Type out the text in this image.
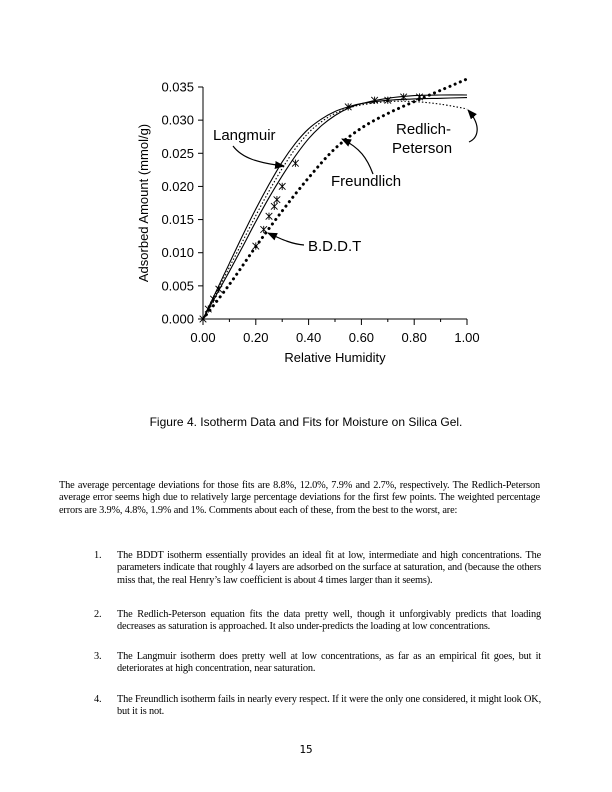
0.000
0.005
0.010
0.015
0.020
0.025
0.030
0.035
0.00 0.20 0.40 0.60 0.80 1.00
Relative Humidity
Adsorbed Amount (mmol/g)	Langmuir	Redlich-
Peterson
Freundlich
B.D.D.T
Figure 4. Isotherm Data and Fits for Moisture on Silica Gel.

The average percentage deviations for those fits are 8.8%, 12.0%, 7.9% and 2.7%, respectively. The Redlich-Peterson average error seems high due to relatively large percentage deviations for the first few points. The weighted percentage errors are 3.9%, 4.8%, 1.9% and 1%. Comments about each of these, from the best to the worst, are:

1. The BDDT isotherm essentially provides an ideal fit at low, intermediate and high concentrations. The parameters indicate that roughly 4 layers are adsorbed on the surface at saturation, and (because the others miss that, the real Henry’s law coefficient is about 4 times larger than it seems).
2. The Redlich-Peterson equation fits the data pretty well, though it unforgivably predicts that loading decreases as saturation is approached. It also under-predicts the loading at low concentrations.
3. The Langmuir isotherm does pretty well at low concentrations, as far as an empirical fit goes, but it deteriorates at high concentration, near saturation.
4. The Freundlich isotherm fails in nearly every respect. If it were the only one considered, it might look OK, but it is not.
15
